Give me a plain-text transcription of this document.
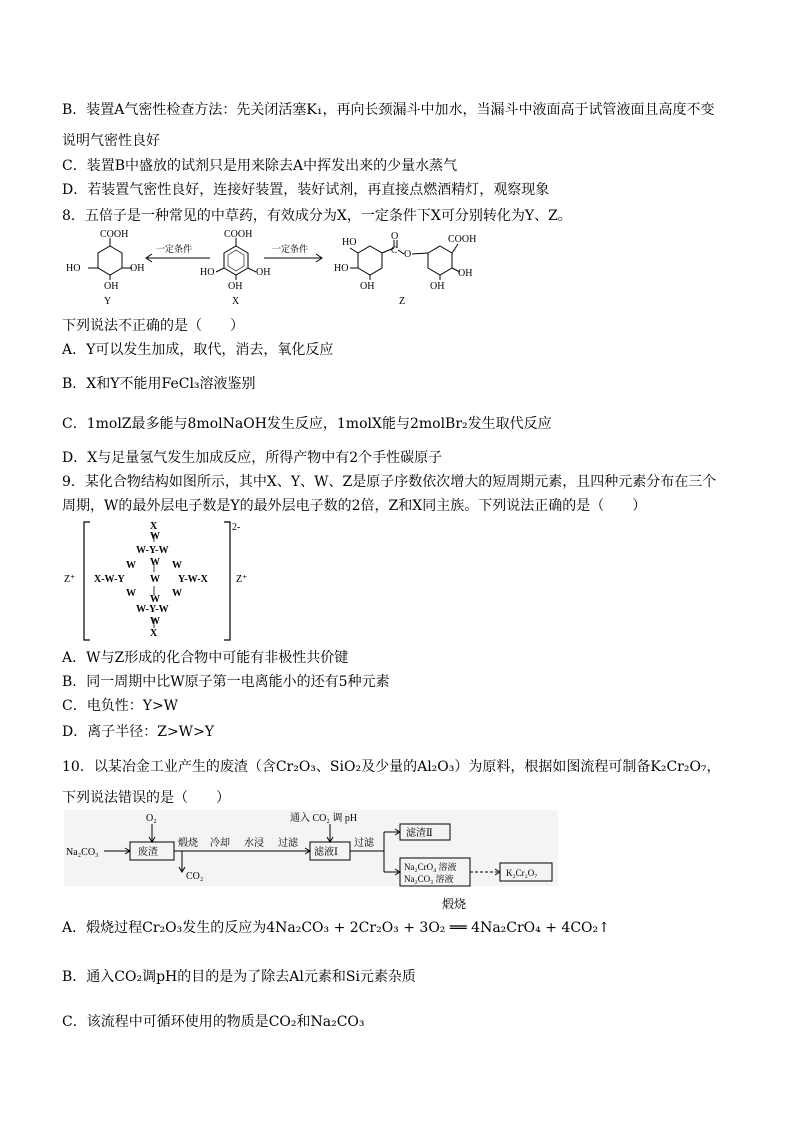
B．装置A气密性检查方法：先关闭活塞K₁，再向长颈漏斗中加水，当漏斗中液面高于试管液面且高度不变
说明气密性良好
C．装置B中盛放的试剂只是用来除去A中挥发出来的少量水蒸气
D．若装置气密性良好，连接好装置，装好试剂，再直接点燃酒精灯，观察现象
8．五倍子是一种常见的中草药，有效成分为X，一定条件下X可分别转化为Y、Z。
COOH
HO	OH
OH
一定条件
COOH
HO	OH
OH
一定条件
HO
HO
OH
O
C O
COOH
OH
OH
Y	X	Z
下列说法不正确的是（　　）
A．Y可以发生加成，取代，消去，氧化反应
B．X和Y不能用FeCl₃溶液鉴别
C．1molZ最多能与8molNaOH发生反应，1molX能与2molBr₂发生取代反应
D．X与足量氢气发生加成反应，所得产物中有2个手性碳原子
9．某化合物结构如图所示，其中X、Y、W、Z是原子序数依次增大的短周期元素，且四种元素分布在三个
周期，W的最外层电子数是Y的最外层电子数的2倍，Z和X同主族。下列说法正确的是（　　）
X
W
W-Y-W
W
X-W-Y	W Y-W-X
W	W
W	W
W
W-Y-W
W
X
2-
Z⁺	Z⁺
A．W与Z形成的化合物中可能有非极性共价键
B．同一周期中比W原子第一电离能小的还有5种元素
C．电负性：Y>W
D．离子半径：Z>W>Y
10．以某冶金工业产生的废渣（含Cr₂O₃、SiO₂及少量的Al₂O₃）为原料，根据如图流程可制备K₂Cr₂O₇，
下列说法错误的是（　　）
O₂
Na₂CO₃	废渣
煅烧
CO₂
冷却 水浸 过滤
滤液Ⅰ
通入 CO₂ 调 pH
过滤
滤渣Ⅱ
Na₂CrO₄ 溶液
Na₂CO₃ 溶液
K₂Cr₂O₇
煅烧
A．煅烧过程Cr₂O₃发生的反应为4Na₂CO₃ + 2Cr₂O₃ + 3O₂ ══ 4Na₂CrO₄ + 4CO₂↑
B．通入CO₂调pH的目的是为了除去Al元素和Si元素杂质
C．该流程中可循环使用的物质是CO₂和Na₂CO₃
